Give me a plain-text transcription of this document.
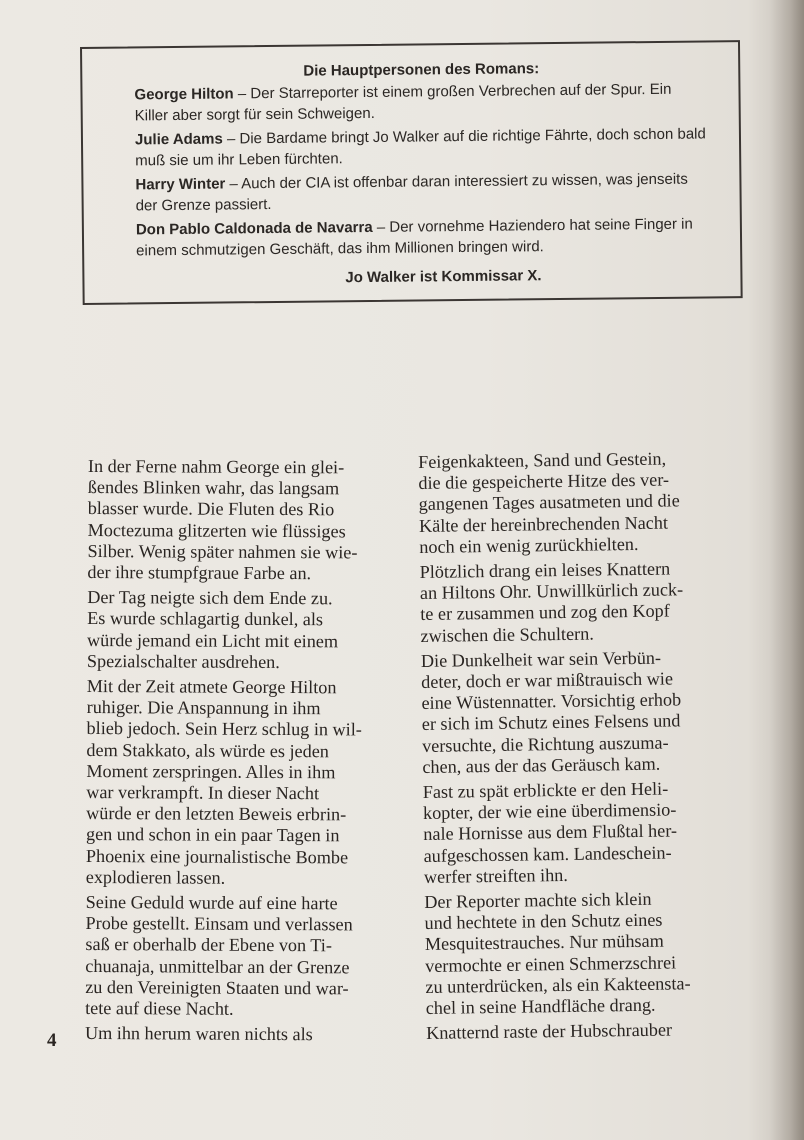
Die Hauptpersonen des Romans:
George Hilton – Der Starreporter ist einem großen Verbrechen auf der Spur. Ein Killer aber sorgt für sein Schweigen.
Julie Adams – Die Bardame bringt Jo Walker auf die richtige Fährte, doch schon bald muß sie um ihr Leben fürchten.
Harry Winter – Auch der CIA ist offenbar daran interessiert zu wissen, was jenseits der Grenze passiert.
Don Pablo Caldonada de Navarra – Der vornehme Haziendero hat seine Finger in einem schmutzigen Geschäft, das ihm Millionen bringen wird.
Jo Walker ist Kommissar X.

In der Ferne nahm George ein glei-
ßendes Blinken wahr, das langsam
blasser wurde. Die Fluten des Rio
Moctezuma glitzerten wie flüssiges
Silber. Wenig später nahmen sie wie-
der ihre stumpfgraue Farbe an.

Der Tag neigte sich dem Ende zu.
Es wurde schlagartig dunkel, als
würde jemand ein Licht mit einem
Spezialschalter ausdrehen.

Mit der Zeit atmete George Hilton
ruhiger. Die Anspannung in ihm
blieb jedoch. Sein Herz schlug in wil-
dem Stakkato, als würde es jeden
Moment zerspringen. Alles in ihm
war verkrampft. In dieser Nacht
würde er den letzten Beweis erbrin-
gen und schon in ein paar Tagen in
Phoenix eine journalistische Bombe
explodieren lassen.

Seine Geduld wurde auf eine harte
Probe gestellt. Einsam und verlassen
saß er oberhalb der Ebene von Ti-
chuanaja, unmittelbar an der Grenze
zu den Vereinigten Staaten und war-
tete auf diese Nacht.

Um ihn herum waren nichts als

Feigenkakteen, Sand und Gestein,
die die gespeicherte Hitze des ver-
gangenen Tages ausatmeten und die
Kälte der hereinbrechenden Nacht
noch ein wenig zurückhielten.

Plötzlich drang ein leises Knattern
an Hiltons Ohr. Unwillkürlich zuck-
te er zusammen und zog den Kopf
zwischen die Schultern.

Die Dunkelheit war sein Verbün-
deter, doch er war mißtrauisch wie
eine Wüstennatter. Vorsichtig erhob
er sich im Schutz eines Felsens und
versuchte, die Richtung auszuma-
chen, aus der das Geräusch kam.

Fast zu spät erblickte er den Heli-
kopter, der wie eine überdimensio-
nale Hornisse aus dem Flußtal her-
aufgeschossen kam. Landeschein-
werfer streiften ihn.

Der Reporter machte sich klein
und hechtete in den Schutz eines
Mesquitestrauches. Nur mühsam
vermochte er einen Schmerzschrei
zu unterdrücken, als ein Kakteensta-
chel in seine Handfläche drang.

Knatternd raste der Hubschrauber

4
